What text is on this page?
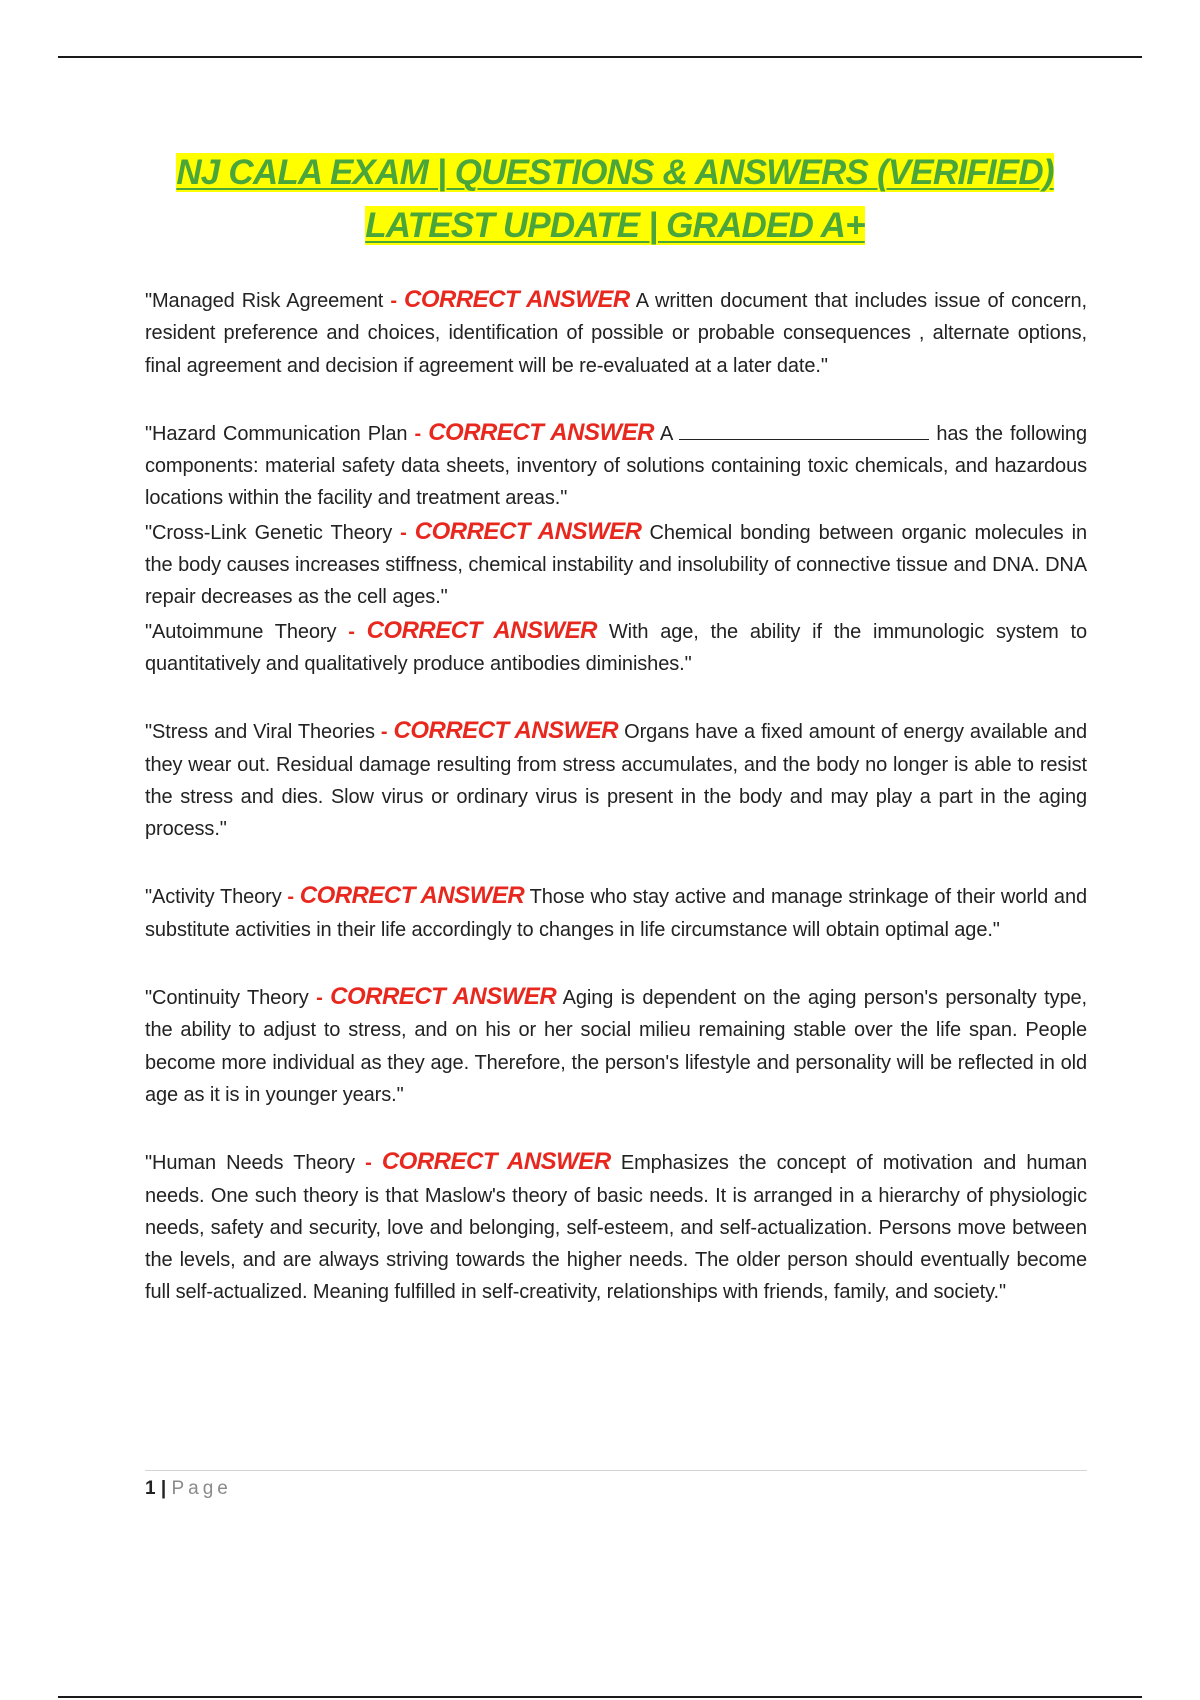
NJ CALA EXAM | QUESTIONS & ANSWERS (VERIFIED)
LATEST UPDATE | GRADED A+

"Managed Risk Agreement - CORRECT ANSWER A written document that includes issue of concern, resident preference and choices, identification of possible or probable consequences , alternate options, final agreement and decision if agreement will be re-evaluated at a later date."

"Hazard Communication Plan - CORRECT ANSWER A	has the following components: material safety data sheets, inventory of solutions containing toxic chemicals, and hazardous locations within the facility and treatment areas."

"Cross-Link Genetic Theory - CORRECT ANSWER Chemical bonding between organic molecules in the body causes increases stiffness, chemical instability and insolubility of connective tissue and DNA. DNA repair decreases as the cell ages."

"Autoimmune Theory - CORRECT ANSWER With age, the ability if the immunologic system to quantitatively and qualitatively produce antibodies diminishes."

"Stress and Viral Theories - CORRECT ANSWER Organs have a fixed amount of energy available and they wear out. Residual damage resulting from stress accumulates, and the body no longer is able to resist the stress and dies. Slow virus or ordinary virus is present in the body and may play a part in the aging process."

"Activity Theory - CORRECT ANSWER Those who stay active and manage strinkage of their world and substitute activities in their life accordingly to changes in life circumstance will obtain optimal age."

"Continuity Theory - CORRECT ANSWER Aging is dependent on the aging person's personalty type, the ability to adjust to stress, and on his or her social milieu remaining stable over the life span. People become more individual as they age. Therefore, the person's lifestyle and personality will be reflected in old age as it is in younger years."

"Human Needs Theory - CORRECT ANSWER Emphasizes the concept of motivation and human needs. One such theory is that Maslow's theory of basic needs. It is arranged in a hierarchy of physiologic needs, safety and security, love and belonging, self-esteem, and self-actualization. Persons move between the levels, and are always striving towards the higher needs. The older person should eventually become full self-actualized. Meaning fulfilled in self-creativity, relationships with friends, family, and society."

1 | Page
